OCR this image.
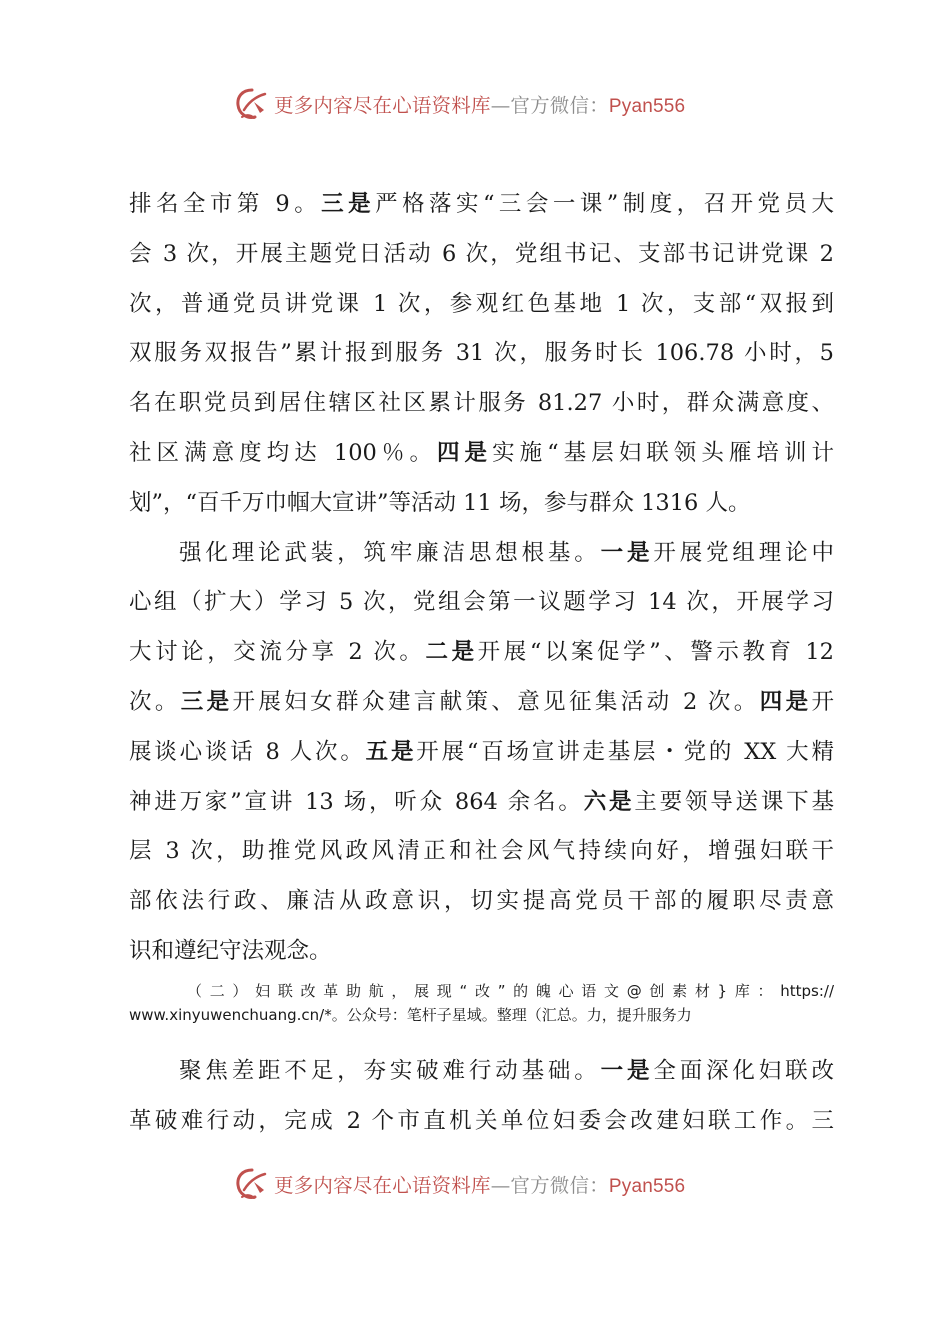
更多内容尽在心语资料库—官方微信：Pyan556
排名全市第 9。三是严格落实“三会一课”制度，召开党员大
会 3 次，开展主题党日活动 6 次，党组书记、支部书记讲党课 2
次，普通党员讲党课 1 次，参观红色基地 1 次，支部“双报到
双服务双报告”累计报到服务 31 次，服务时长 106.78 小时，5
名在职党员到居住辖区社区累计服务 81.27 小时，群众满意度、
社区满意度均达 100％。四是实施“基层妇联领头雁培训计
划”，“百千万巾帼大宣讲”等活动 11 场，参与群众 1316 人。
强化理论武装，筑牢廉洁思想根基。一是开展党组理论中
心组（扩大）学习 5 次，党组会第一议题学习 14 次，开展学习
大讨论，交流分享 2 次。二是开展“以案促学”、警示教育 12
次。三是开展妇女群众建言献策、意见征集活动 2 次。四是开
展谈心谈话 8 人次。五是开展“百场宣讲走基层・党的 XX 大精
神进万家”宣讲 13 场，听众 864 余名。六是主要领导送课下基
层 3 次，助推党风政风清正和社会风气持续向好，增强妇联干
部依法行政、廉洁从政意识，切实提高党员干部的履职尽责意
识和遵纪守法观念。
（二）妇联改革助航，展现“改”的魄心语文@创素材}库：https://
www.xinyuwenchuang.cn/*。公众号：笔杆子星域。整理（汇总。力，提升服务力
聚焦差距不足，夯实破难行动基础。一是全面深化妇联改
革破难行动，完成 2 个市直机关单位妇委会改建妇联工作。三
更多内容尽在心语资料库—官方微信：Pyan556
